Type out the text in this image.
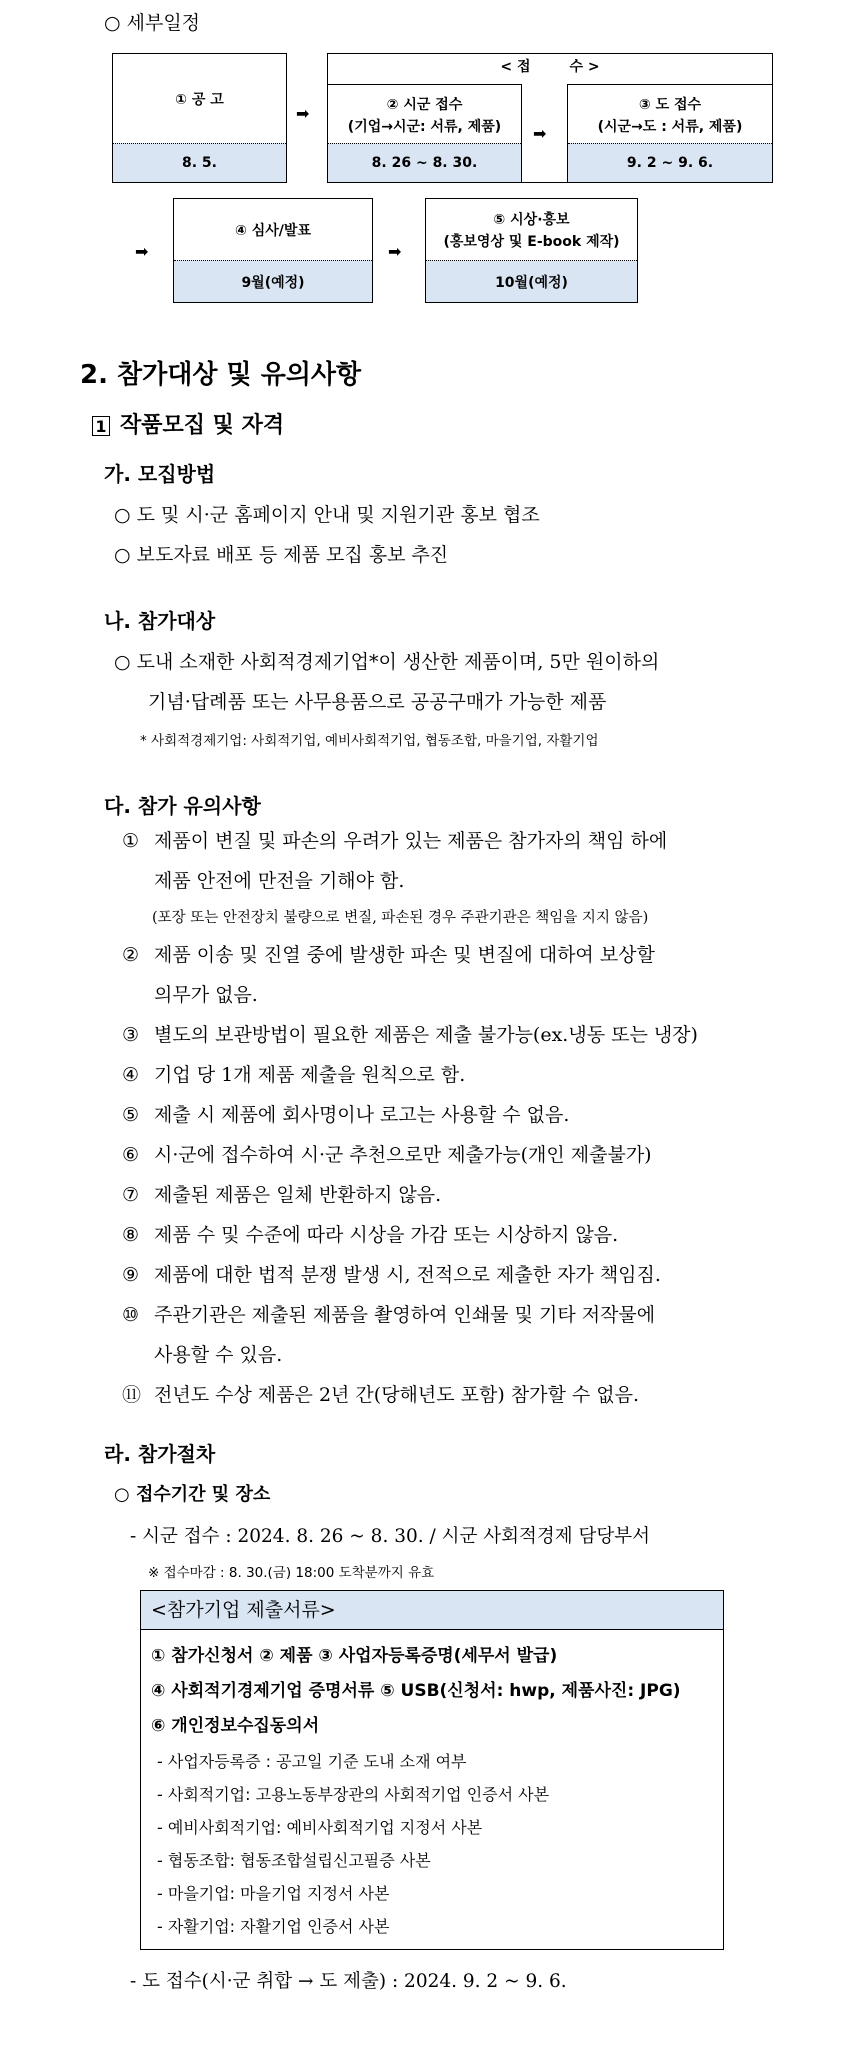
○ 세부일정
① 공 고
8. 5.
➡
< 접        수 >
② 시군 접수
(기업→시군: 서류, 제품)
8. 26 ~ 8. 30.
➡
③ 도 접수
(시군→도 : 서류, 제품)
9. 2 ~ 9. 6.
➡
④ 심사/발표
9월(예정)
➡
⑤ 시상·홍보
(홍보영상 및 E-book 제작)
10월(예정)
2. 참가대상 및 유의사항
1 작품모집 및 자격
가. 모집방법
○ 도 및 시·군 홈페이지 안내 및 지원기관 홍보 협조
○ 보도자료 배포 등 제품 모집 홍보 추진
나. 참가대상
○ 도내 소재한 사회적경제기업*이 생산한 제품이며, 5만 원이하의
기념·답례품 또는 사무용품으로 공공구매가 가능한 제품
* 사회적경제기업: 사회적기업, 예비사회적기업, 협동조합, 마을기업, 자활기업
다. 참가 유의사항
① 제품이 변질 및 파손의 우려가 있는 제품은 참가자의 책임 하에
제품 안전에 만전을 기해야 함.
(포장 또는 안전장치 불량으로 변질, 파손된 경우 주관기관은 책임을 지지 않음)
② 제품 이송 및 진열 중에 발생한 파손 및 변질에 대하여 보상할
의무가 없음.
③ 별도의 보관방법이 필요한 제품은 제출 불가능(ex.냉동 또는 냉장)
④ 기업 당 1개 제품 제출을 원칙으로 함.
⑤ 제출 시 제품에 회사명이나 로고는 사용할 수 없음.
⑥ 시·군에 접수하여 시·군 추천으로만 제출가능(개인 제출불가)
⑦ 제출된 제품은 일체 반환하지 않음.
⑧ 제품 수 및 수준에 따라 시상을 가감 또는 시상하지 않음.
⑨ 제품에 대한 법적 분쟁 발생 시, 전적으로 제출한 자가 책임짐.
⑩ 주관기관은 제출된 제품을 촬영하여 인쇄물 및 기타 저작물에
사용할 수 있음.
⑪ 전년도 수상 제품은 2년 간(당해년도 포함) 참가할 수 없음.
라. 참가절차
○ 접수기간 및 장소
- 시군 접수 : 2024. 8. 26 ~ 8. 30. / 시군 사회적경제 담당부서
※ 접수마감 : 8. 30.(금) 18:00 도착분까지 유효
<참가기업 제출서류>
① 참가신청서 ② 제품 ③ 사업자등록증명(세무서 발급)
④ 사회적기경제기업 증명서류 ⑤ USB(신청서: hwp, 제품사진: JPG)
⑥ 개인정보수집동의서
- 사업자등록증 : 공고일 기준 도내 소재 여부
- 사회적기업: 고용노동부장관의 사회적기업 인증서 사본
- 예비사회적기업: 예비사회적기업 지정서 사본
- 협동조합: 협동조합설립신고필증 사본
- 마을기업: 마을기업 지정서 사본
- 자활기업: 자활기업 인증서 사본
- 도 접수(시·군 취합 → 도 제출) : 2024. 9. 2 ~ 9. 6.
